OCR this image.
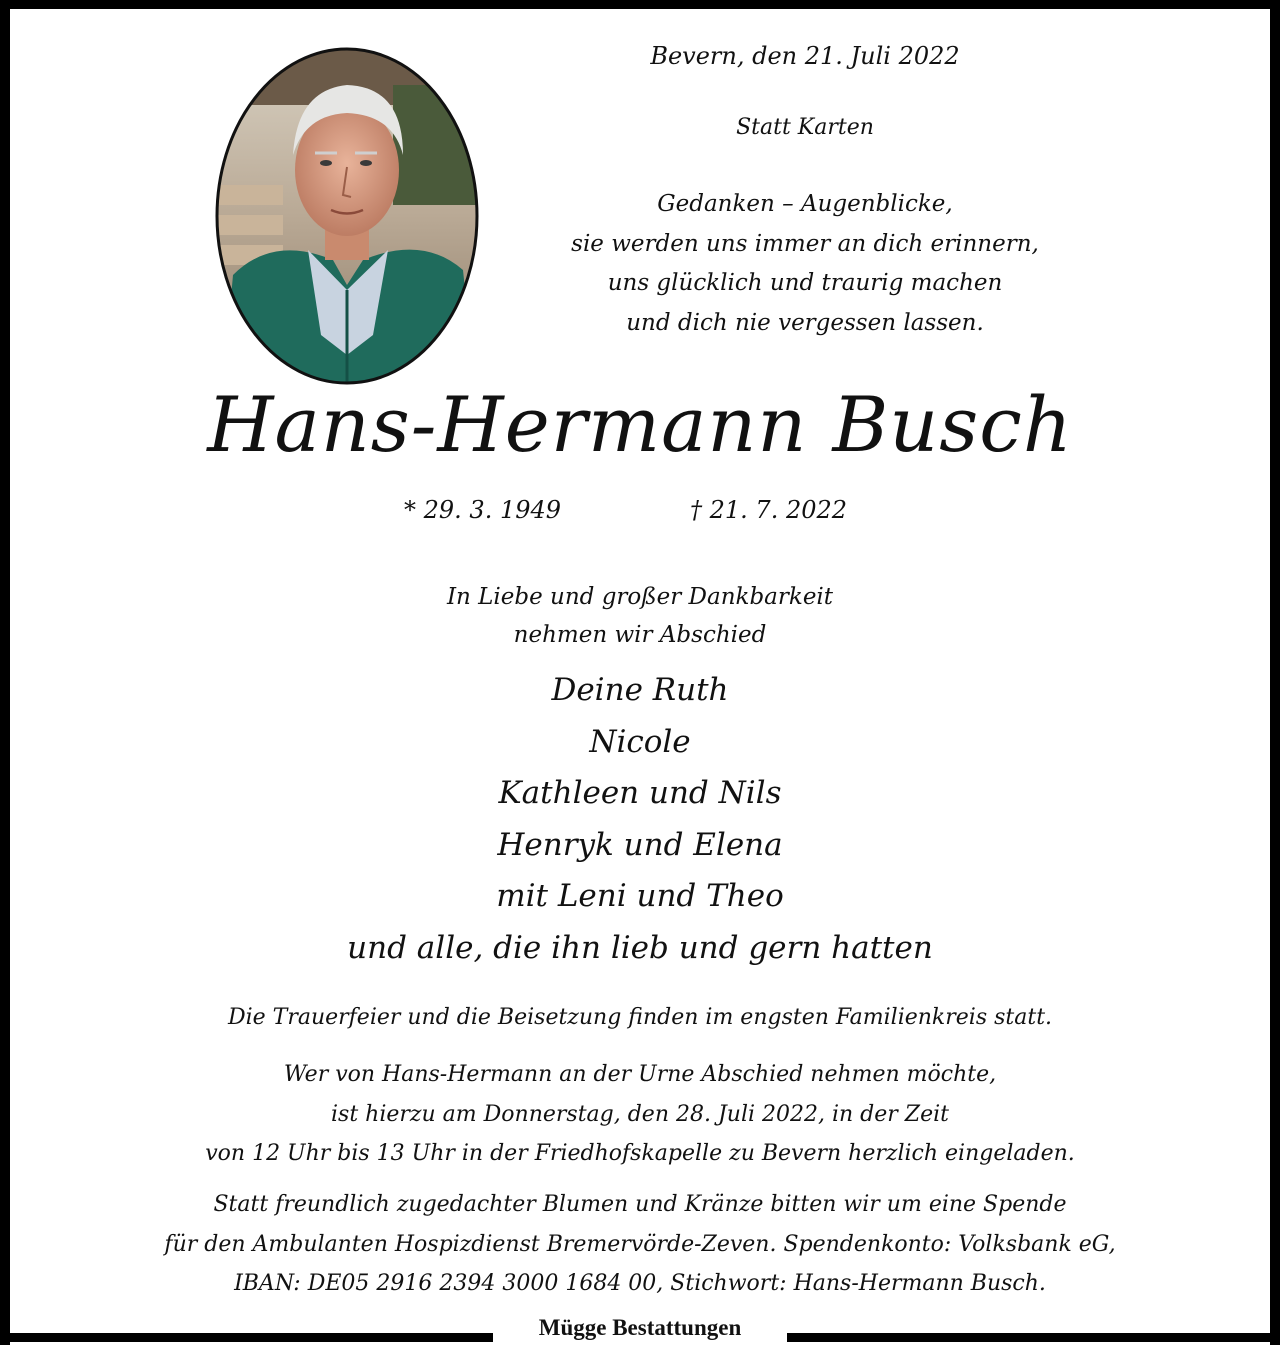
Bevern, den 21. Juli 2022
Statt Karten
Gedanken – Augenblicke,
sie werden uns immer an dich erinnern,
uns glücklich und traurig machen
und dich nie vergessen lassen.
Hans-Hermann Busch
* 29. 3. 1949	† 21. 7. 2022
In Liebe und großer Dankbarkeit
nehmen wir Abschied
Deine Ruth
Nicole
Kathleen und Nils
Henryk und Elena
mit Leni und Theo
und alle, die ihn lieb und gern hatten
Die Trauerfeier und die Beisetzung finden im engsten Familienkreis statt.
Wer von Hans-Hermann an der Urne Abschied nehmen möchte,
ist hierzu am Donnerstag, den 28. Juli 2022, in der Zeit
von 12 Uhr bis 13 Uhr in der Friedhofskapelle zu Bevern herzlich eingeladen.
Statt freundlich zugedachter Blumen und Kränze bitten wir um eine Spende
für den Ambulanten Hospizdienst Bremervörde-Zeven. Spendenkonto: Volksbank eG,
IBAN: DE05 2916 2394 3000 1684 00, Stichwort: Hans-Hermann Busch.
Mügge Bestattungen
